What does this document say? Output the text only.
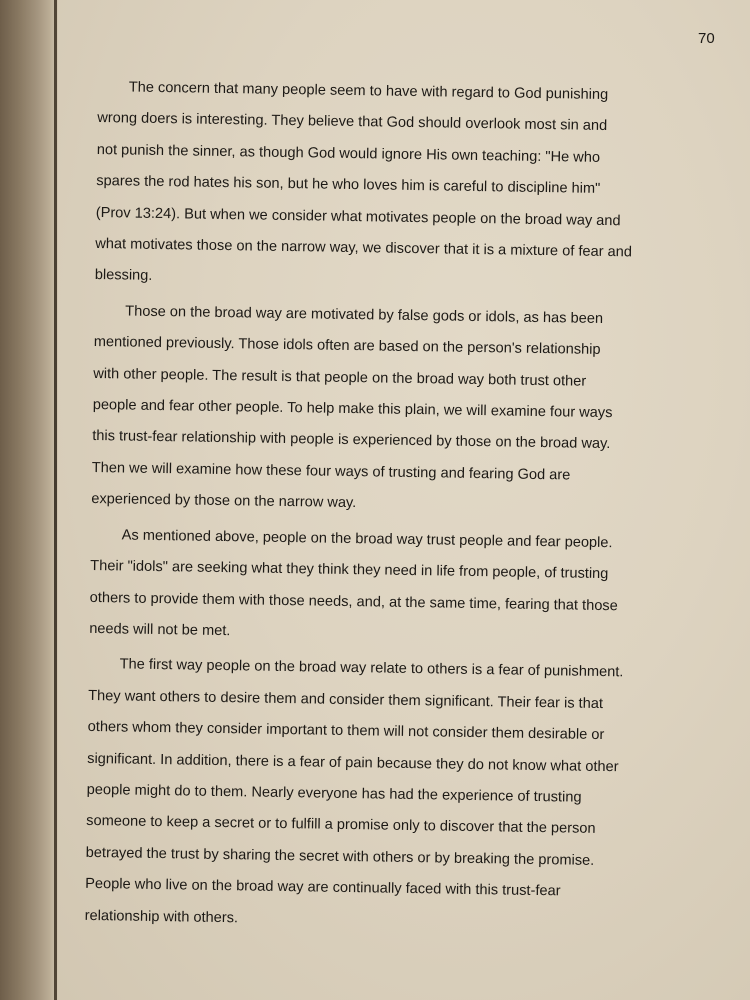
70
The concern that many people seem to have with regard to God punishing
wrong doers is interesting. They believe that God should overlook most sin and
not punish the sinner, as though God would ignore His own teaching: "He who
spares the rod hates his son, but he who loves him is careful to discipline him"
(Prov 13:24). But when we consider what motivates people on the broad way and
what motivates those on the narrow way, we discover that it is a mixture of fear and
blessing.
Those on the broad way are motivated by false gods or idols, as has been
mentioned previously. Those idols often are based on the person's relationship
with other people. The result is that people on the broad way both trust other
people and fear other people. To help make this plain, we will examine four ways
this trust-fear relationship with people is experienced by those on the broad way.
Then we will examine how these four ways of trusting and fearing God are
experienced by those on the narrow way.
As mentioned above, people on the broad way trust people and fear people.
Their "idols" are seeking what they think they need in life from people, of trusting
others to provide them with those needs, and, at the same time, fearing that those
needs will not be met.
The first way people on the broad way relate to others is a fear of punishment.
They want others to desire them and consider them significant. Their fear is that
others whom they consider important to them will not consider them desirable or
significant. In addition, there is a fear of pain because they do not know what other
people might do to them. Nearly everyone has had the experience of trusting
someone to keep a secret or to fulfill a promise only to discover that the person
betrayed the trust by sharing the secret with others or by breaking the promise.
People who live on the broad way are continually faced with this trust-fear
relationship with others.
